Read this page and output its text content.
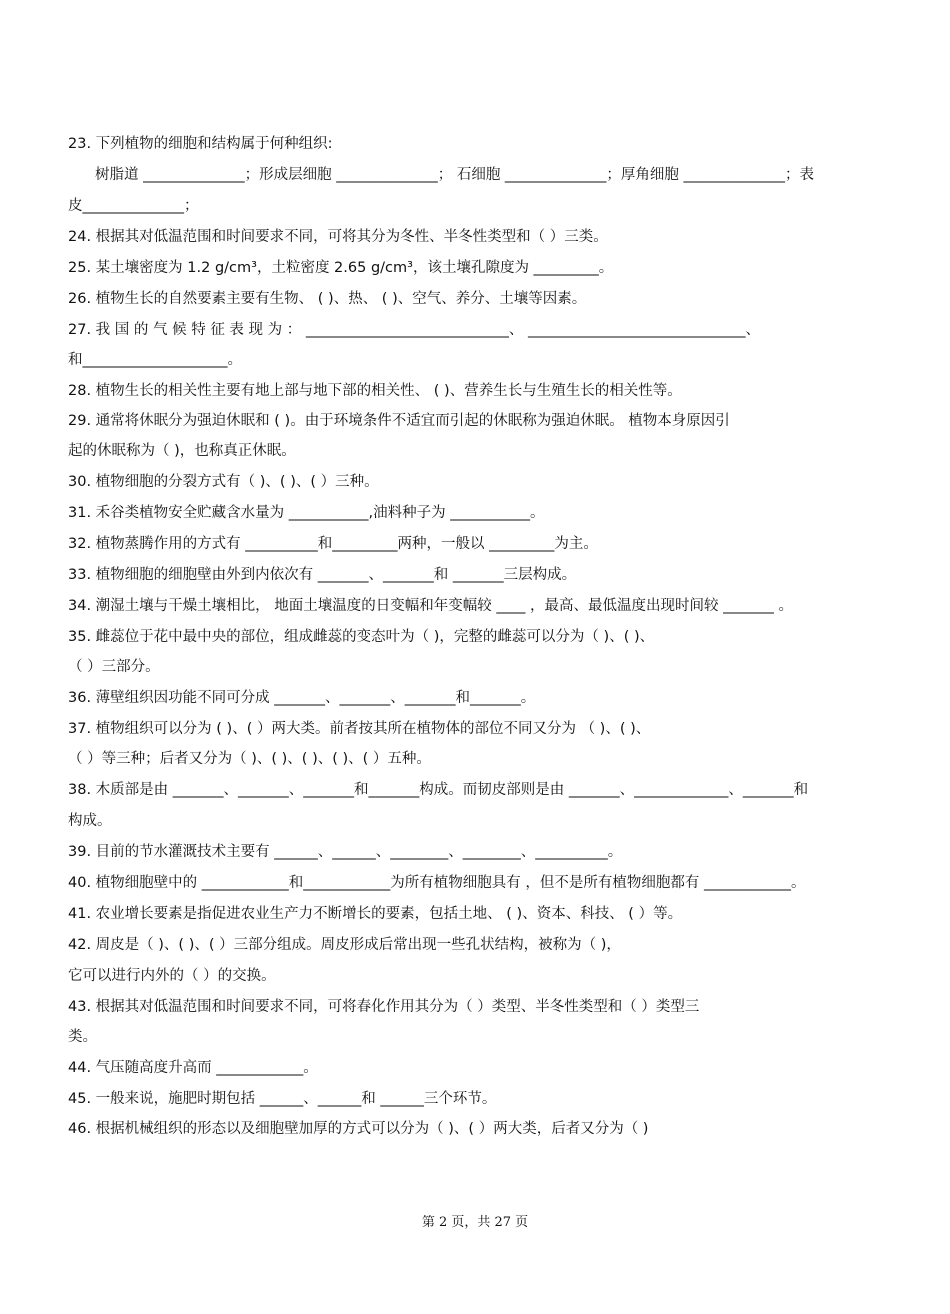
23. 下列植物的细胞和结构属于何种组织:
树脂道 ______________；形成层细胞 ______________； 石细胞 ______________；厚角细胞 ______________；表
皮______________；
24. 根据其对低温范围和时间要求不同，可将其分为冬性、半冬性类型和（ ）三类。
25. 某土壤密度为 1.2 g/cm³，土粒密度 2.65 g/cm³，该土壤孔隙度为 _________。
26. 植物生长的自然要素主要有生物、 ( )、热、 ( )、空气、养分、土壤等因素。
27. 我 国 的 气 候 特 征 表 现 为 ： ____________________________、 ______________________________、
和____________________。
28. 植物生长的相关性主要有地上部与地下部的相关性、 ( )、营养生长与生殖生长的相关性等。
29. 通常将休眠分为强迫休眠和 ( )。由于环境条件不适宜而引起的休眠称为强迫休眠。 植物本身原因引
起的休眠称为（ )，也称真正休眠。
30. 植物细胞的分裂方式有（ )、( )、( ）三种。
31. 禾谷类植物安全贮藏含水量为 ___________,油料种子为 ___________。
32. 植物蒸腾作用的方式有 __________和_________两种，一般以 _________为主。
33. 植物细胞的细胞壁由外到内依次有 _______、_______和 _______三层构成。
34. 潮湿土壤与干燥土壤相比， 地面土壤温度的日变幅和年变幅较 ____ ，最高、最低温度出现时间较 _______ 。
35. 雌蕊位于花中最中央的部位，组成雌蕊的变态叶为（ )，完整的雌蕊可以分为（ )、( )、
（ ）三部分。
36. 薄壁组织因功能不同可分成 _______、_______、_______和_______。
37. 植物组织可以分为 ( )、( ）两大类。前者按其所在植物体的部位不同又分为 （ )、( )、
（ ）等三种；后者又分为（ )、( )、( )、( )、( ）五种。
38. 木质部是由 _______、_______、_______和_______构成。而韧皮部则是由 _______、_____________、_______和
构成。
39. 目前的节水灌溉技术主要有 ______、______、________、________、__________。
40. 植物细胞壁中的 ____________和____________为所有植物细胞具有 ，但不是所有植物细胞都有 ____________。
41. 农业增长要素是指促进农业生产力不断增长的要素，包括土地、 ( )、资本、科技、 ( ）等。
42. 周皮是（ )、( )、( ）三部分组成。周皮形成后常出现一些孔状结构，被称为（ )，
它可以进行内外的（ ）的交换。
43. 根据其对低温范围和时间要求不同，可将春化作用其分为（ ）类型、半冬性类型和（ ）类型三
类。
44. 气压随高度升高而 ____________。
45. 一般来说，施肥时期包括 ______、______和 ______三个环节。
46. 根据机械组织的形态以及细胞壁加厚的方式可以分为（ )、( ）两大类，后者又分为（ )
第 2 页，共 27 页
